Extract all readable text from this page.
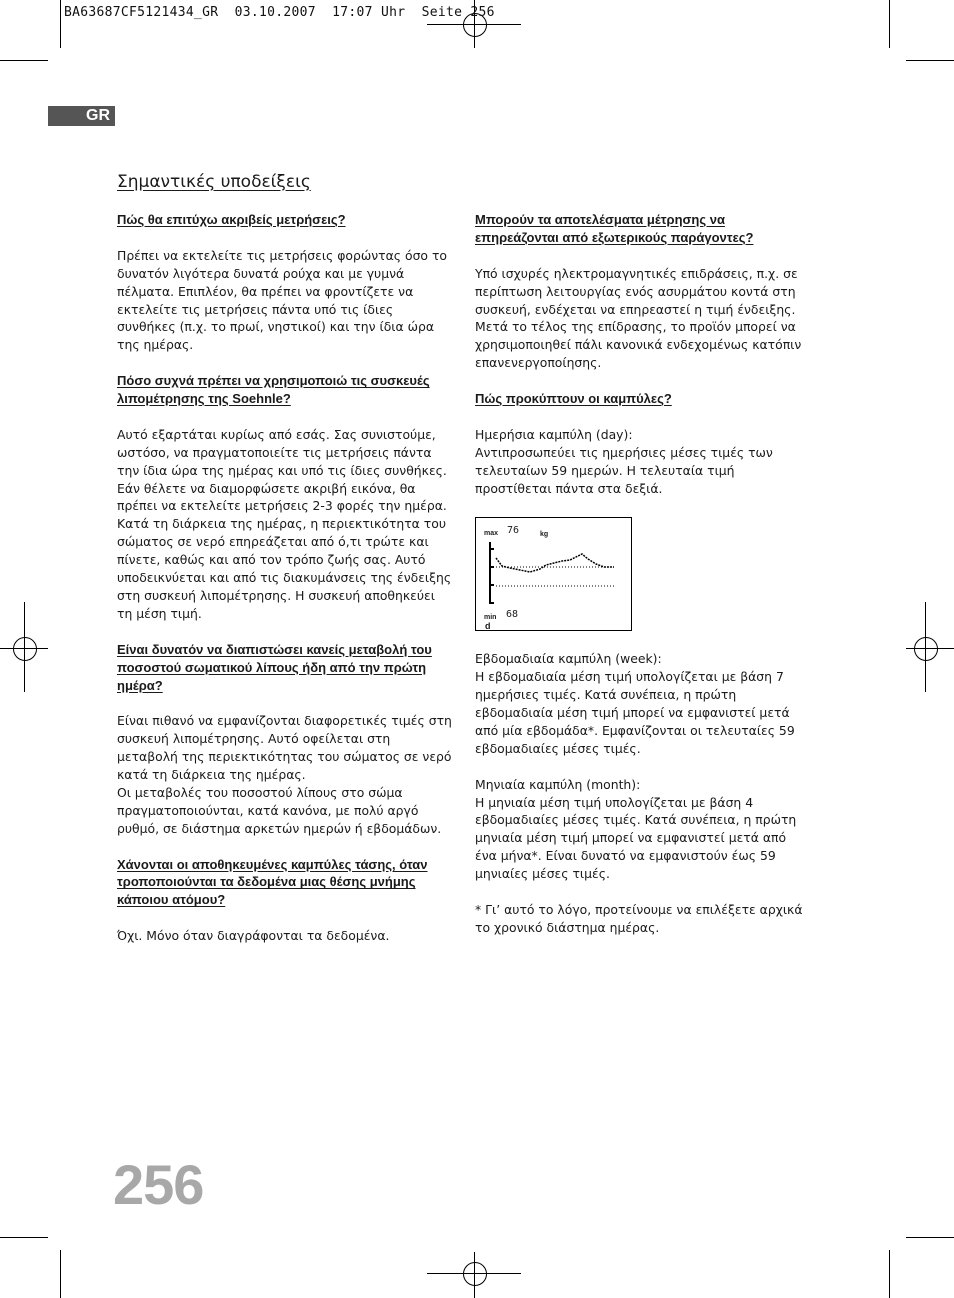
BA63687CF5121434_GR  03.10.2007  17:07 Uhr  Seite 256
GR
Σημαντικές υποδείξεις
Πώς θα επιτύχω ακριβείς μετρήσεις?
Πρέπει να εκτελείτε τις μετρήσεις φορώντας όσο το δυνατόν λιγότερα δυνατά ρούχα και με γυμνά πέλματα. Επιπλέον, θα πρέπει να φροντίζετε να εκτελείτε τις μετρήσεις πάντα υπό τις ίδιες συνθήκες (π.χ. το πρωί, νηστικοί) και την ίδια ώρα της ημέρας.
Πόσο συχνά πρέπει να χρησιμοποιώ τις συσκευές λιπομέτρησης της Soehnle?
Αυτό εξαρτάται κυρίως από εσάς. Σας συνιστούμε, ωστόσο, να πραγματοποιείτε τις μετρήσεις πάντα την ίδια ώρα της ημέρας και υπό τις ίδιες συνθήκες. Εάν θέλετε να διαμορφώσετε ακριβή εικόνα, θα πρέπει να εκτελείτε μετρήσεις 2-3 φορές την ημέρα. Κατά τη διάρκεια της ημέρας, η περιεκτικότητα του σώματος σε νερό επηρεάζεται από ό,τι τρώτε και πίνετε, καθώς και από τον τρόπο ζωής σας. Αυτό υποδεικνύεται και από τις διακυμάνσεις της ένδειξης στη συσκευή λιπομέτρησης. Η συσκευή αποθηκεύει τη μέση τιμή.
Είναι δυνατόν να διαπιστώσει κανείς μεταβολή του ποσοστού σωματικού λίπους ήδη από την πρώτη ημέρα?

Είναι πιθανό να εμφανίζονται διαφορετικές τιμές στη συσκευή λιπομέτρησης. Αυτό οφείλεται στη μεταβολή της περιεκτικότητας του σώματος σε νερό κατά τη διάρκεια της ημέρας.

Οι μεταβολές του ποσοστού λίπους στο σώμα πραγματοποιούνται, κατά κανόνα, με πολύ αργό ρυθμό, σε διάστημα αρκετών ημερών ή εβδομάδων.

Χάνονται οι αποθηκευμένες καμπύλες τάσης, όταν τροποποιούνται τα δεδομένα μιας θέσης μνήμης κάποιου ατόμου?
Όχι. Μόνο όταν διαγράφονται τα δεδομένα.
Μπορούν τα αποτελέσματα μέτρησης να επηρεάζονται από εξωτερικούς παράγοντες?
Υπό ισχυρές ηλεκτρομαγνητικές επιδράσεις, π.χ. σε περίπτωση λειτουργίας ενός ασυρμάτου κοντά στη συσκευή, ενδέχεται να επηρεαστεί η τιμή ένδειξης. Μετά το τέλος της επίδρασης, το προϊόν μπορεί να χρησιμοποιηθεί πάλι κανονικά ενδεχομένως κατόπιν επανενεργοποίησης.
Πώς προκύπτουν οι καμπύλες?

Ημερήσια καμπύλη (day):

Αντιπροσωπεύει τις ημερήσιες μέσες τιμές των τελευταίων 59 ημερών. Η τελευταία τιμή προστίθεται πάντα στα δεξιά.

max 76	kg
min 68
d

Εβδομαδιαία καμπύλη (week):

Η εβδομαδιαία μέση τιμή υπολογίζεται με βάση 7 ημερήσιες τιμές. Κατά συνέπεια, η πρώτη εβδομαδιαία μέση τιμή μπορεί να εμφανιστεί μετά από μία εβδομάδα*. Εμφανίζονται οι τελευταίες 59 εβδομαδιαίες μέσες τιμές.

Μηνιαία καμπύλη (month):

Η μηνιαία μέση τιμή υπολογίζεται με βάση 4 εβδομαδιαίες μέσες τιμές. Κατά συνέπεια, η πρώτη μηνιαία μέση τιμή μπορεί να εμφανιστεί μετά από ένα μήνα*. Είναι δυνατό να εμφανιστούν έως 59 μηνιαίες μέσες τιμές.

* Γι’ αυτό το λόγο, προτείνουμε να επιλέξετε αρχικά το χρονικό διάστημα ημέρας.
256
